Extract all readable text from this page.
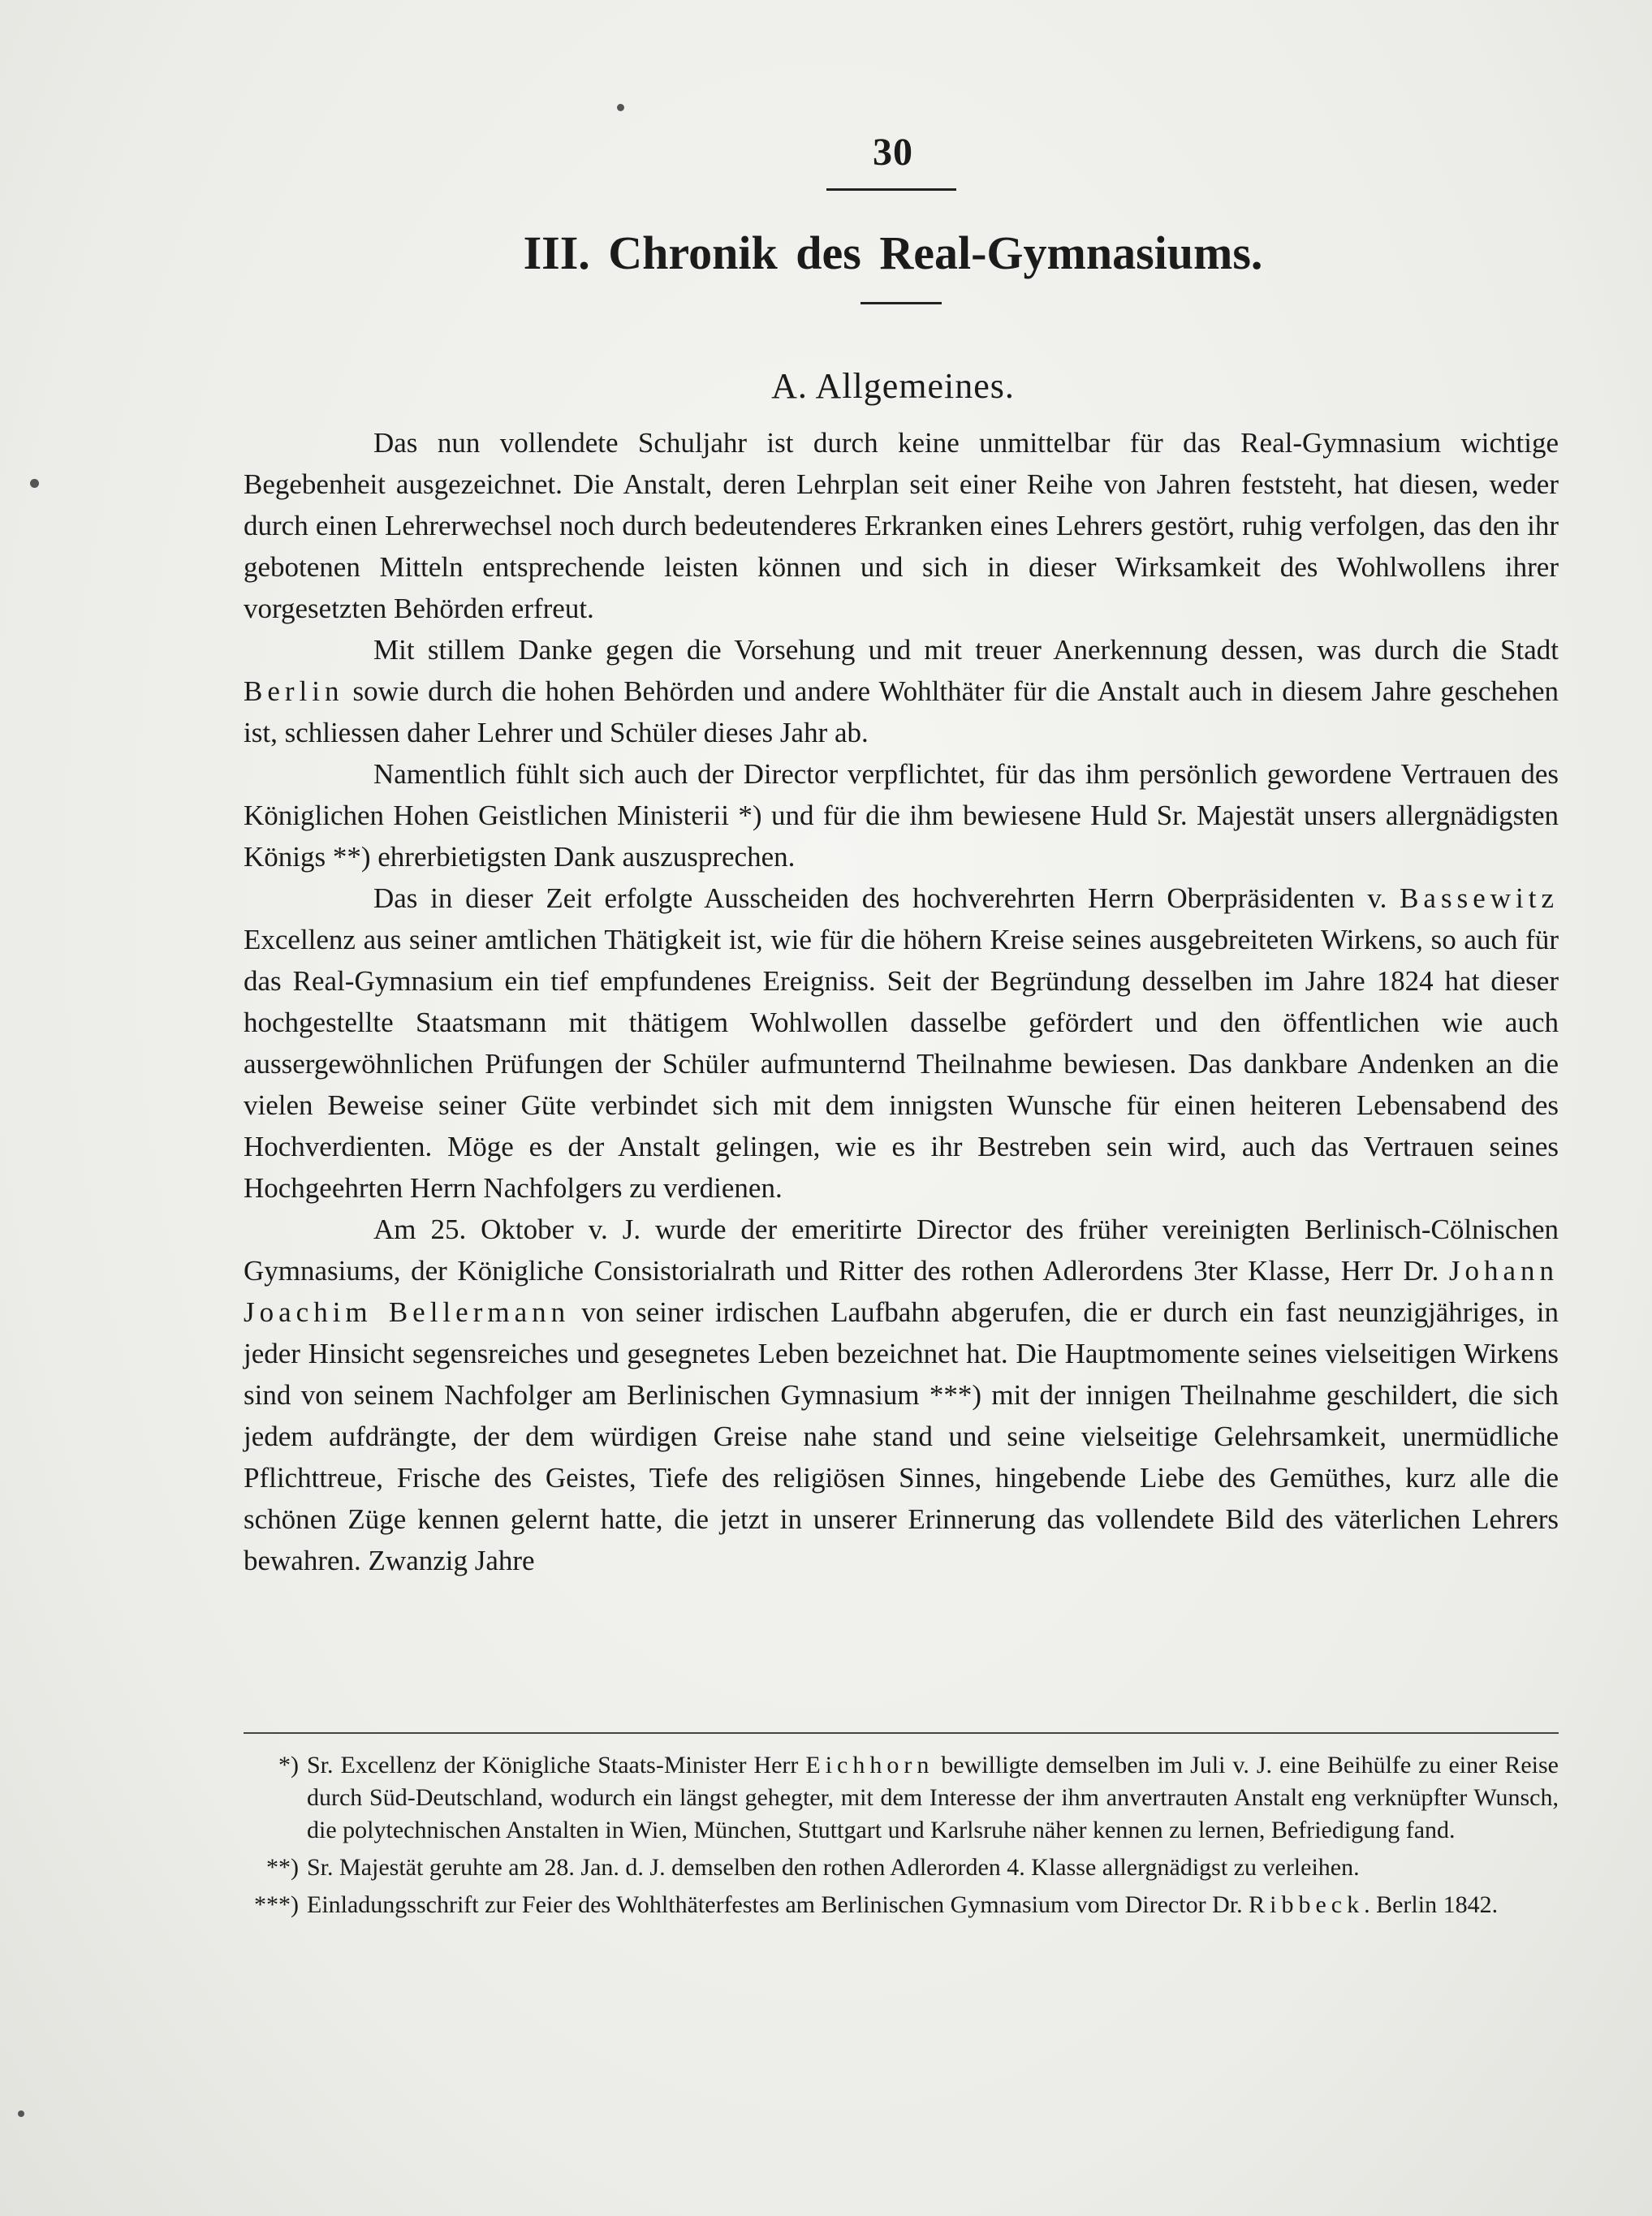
30
III. Chronik des Real-Gymnasiums.
A. Allgemeines.

Das nun vollendete Schuljahr ist durch keine unmittelbar für das Real-Gymnasium wichtige Begebenheit ausgezeichnet. Die Anstalt, deren Lehrplan seit einer Reihe von Jahren feststeht, hat diesen, weder durch einen Lehrerwechsel noch durch bedeutenderes Erkranken eines Lehrers gestört, ruhig verfolgen, das den ihr gebotenen Mitteln entsprechende leisten können und sich in dieser Wirksamkeit des Wohlwollens ihrer vorgesetzten Behörden erfreut.

Mit stillem Danke gegen die Vorsehung und mit treuer Anerkennung dessen, was durch die Stadt Berlin sowie durch die hohen Behörden und andere Wohlthäter für die Anstalt auch in diesem Jahre geschehen ist, schliessen daher Lehrer und Schüler dieses Jahr ab.

Namentlich fühlt sich auch der Director verpflichtet, für das ihm persönlich gewordene Vertrauen des Königlichen Hohen Geistlichen Ministerii *) und für die ihm bewiesene Huld Sr. Majestät unsers allergnädigsten Königs **) ehrerbietigsten Dank auszusprechen.

Das in dieser Zeit erfolgte Ausscheiden des hochverehrten Herrn Oberpräsidenten v. Bassewitz Excellenz aus seiner amtlichen Thätigkeit ist, wie für die höhern Kreise seines ausgebreiteten Wirkens, so auch für das Real-Gymnasium ein tief empfundenes Ereigniss. Seit der Begründung desselben im Jahre 1824 hat dieser hochgestellte Staatsmann mit thätigem Wohlwollen dasselbe gefördert und den öffentlichen wie auch aussergewöhnlichen Prüfungen der Schüler aufmunternd Theilnahme bewiesen. Das dankbare Andenken an die vielen Beweise seiner Güte verbindet sich mit dem innigsten Wunsche für einen heiteren Lebensabend des Hochverdienten. Möge es der Anstalt gelingen, wie es ihr Bestreben sein wird, auch das Vertrauen seines Hochgeehrten Herrn Nachfolgers zu verdienen.

Am 25. Oktober v. J. wurde der emeritirte Director des früher vereinigten Berlinisch-Cölnischen Gymnasiums, der Königliche Consistorialrath und Ritter des rothen Adlerordens 3ter Klasse, Herr Dr. Johann Joachim Bellermann von seiner irdischen Laufbahn abgerufen, die er durch ein fast neunzigjähriges, in jeder Hinsicht segensreiches und gesegnetes Leben bezeichnet hat. Die Hauptmomente seines vielseitigen Wirkens sind von seinem Nachfolger am Berlinischen Gymnasium ***) mit der innigen Theilnahme geschildert, die sich jedem aufdrängte, der dem würdigen Greise nahe stand und seine vielseitige Gelehrsamkeit, unermüdliche Pflichttreue, Frische des Geistes, Tiefe des religiösen Sinnes, hingebende Liebe des Gemüthes, kurz alle die schönen Züge kennen gelernt hatte, die jetzt in unserer Erinnerung das vollendete Bild des väterlichen Lehrers bewahren. Zwanzig Jahre

*) Sr. Excellenz der Königliche Staats-Minister Herr Eichhorn bewilligte demselben im Juli v. J. eine Beihülfe zu einer Reise durch Süd-Deutschland, wodurch ein längst gehegter, mit dem Interesse der ihm anvertrauten Anstalt eng verknüpfter Wunsch, die polytechnischen Anstalten in Wien, München, Stuttgart und Karlsruhe näher kennen zu lernen, Befriedigung fand.
**) Sr. Majestät geruhte am 28. Jan. d. J. demselben den rothen Adlerorden 4. Klasse allergnädigst zu verleihen.
***) Einladungsschrift zur Feier des Wohlthäterfestes am Berlinischen Gymnasium vom Director Dr. Ribbeck. Berlin 1842.
